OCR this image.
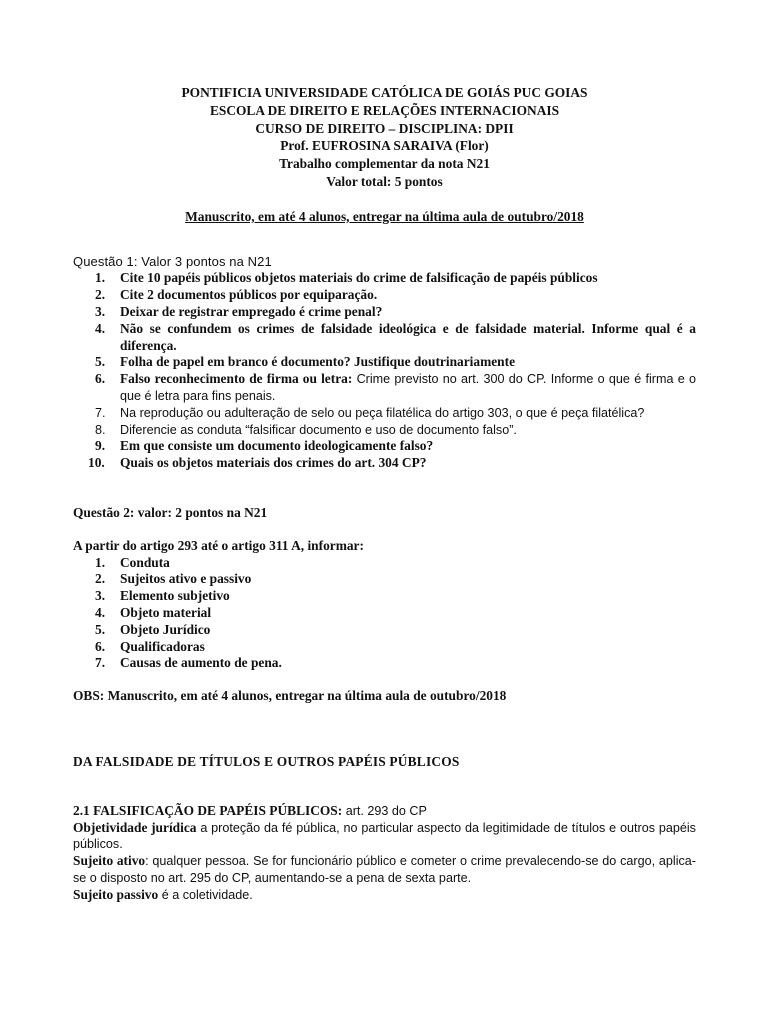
PONTIFICIA UNIVERSIDADE CATÓLICA DE GOIÁS PUC GOIAS
ESCOLA DE DIREITO E RELAÇÕES INTERNACIONAIS
CURSO DE DIREITO – DISCIPLINA: DPII
Prof. EUFROSINA SARAIVA (Flor)
Trabalho complementar da nota N21
Valor total: 5 pontos
Manuscrito, em até 4 alunos, entregar na última aula de outubro/2018
Questão 1: Valor 3 pontos na N21
1. Cite 10 papéis públicos objetos materiais do crime de falsificação de papéis públicos
2. Cite 2 documentos públicos por equiparação.
3. Deixar de registrar empregado é crime penal?
4. Não se confundem os crimes de falsidade ideológica e de falsidade material. Informe qual é a diferença.
5. Folha de papel em branco é documento? Justifique doutrinariamente
6. Falso reconhecimento de firma ou letra: Crime previsto no art. 300 do CP. Informe o que é firma e o que é letra para fins penais.
7. Na reprodução ou adulteração de selo ou peça filatélica do artigo 303, o que é peça filatélica?
8. Diferencie as conduta “falsificar documento e uso de documento falso”.
9. Em que consiste um documento ideologicamente falso?
10. Quais os objetos materiais dos crimes do art. 304 CP?
Questão 2: valor: 2 pontos na N21
A partir do artigo 293 até o artigo 311 A, informar:
1. Conduta
2. Sujeitos ativo e passivo
3. Elemento subjetivo
4. Objeto material
5. Objeto Jurídico
6. Qualificadoras
7. Causas de aumento de pena.
OBS: Manuscrito, em até 4 alunos, entregar na última aula de outubro/2018
DA FALSIDADE DE TÍTULOS E OUTROS PAPÉIS PÚBLICOS
2.1 FALSIFICAÇÃO DE PAPÉIS PÚBLICOS: art. 293 do CP
Objetividade jurídica a proteção da fé pública, no particular aspecto da legitimidade de títulos e outros papéis públicos.
Sujeito ativo: qualquer pessoa. Se for funcionário público e cometer o crime prevalecendo-se do cargo, aplica-se o disposto no art. 295 do CP, aumentando-se a pena de sexta parte.
Sujeito passivo é a coletividade.
